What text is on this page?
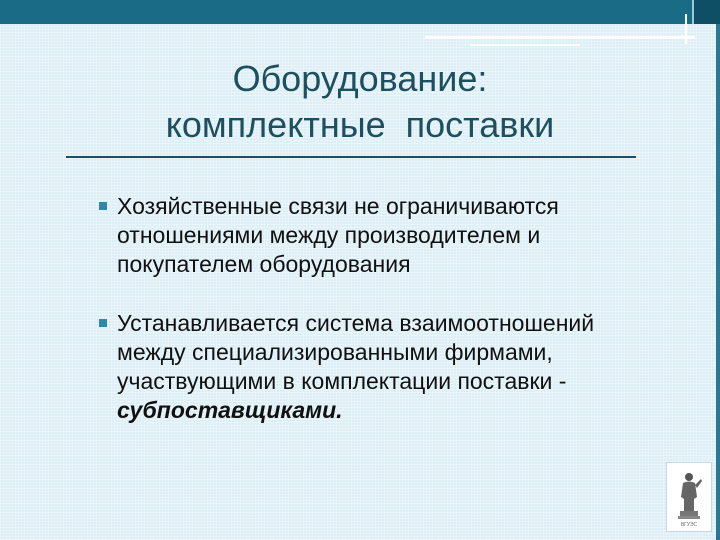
Оборудование:
комплектные  поставки
Хозяйственные связи не ограничиваются
отношениями между производителем и
покупателем оборудования
Устанавливается система взаимоотношений
между специализированными фирмами,
участвующими в комплектации поставки -
субпоставщиками.
ВГУЭС
